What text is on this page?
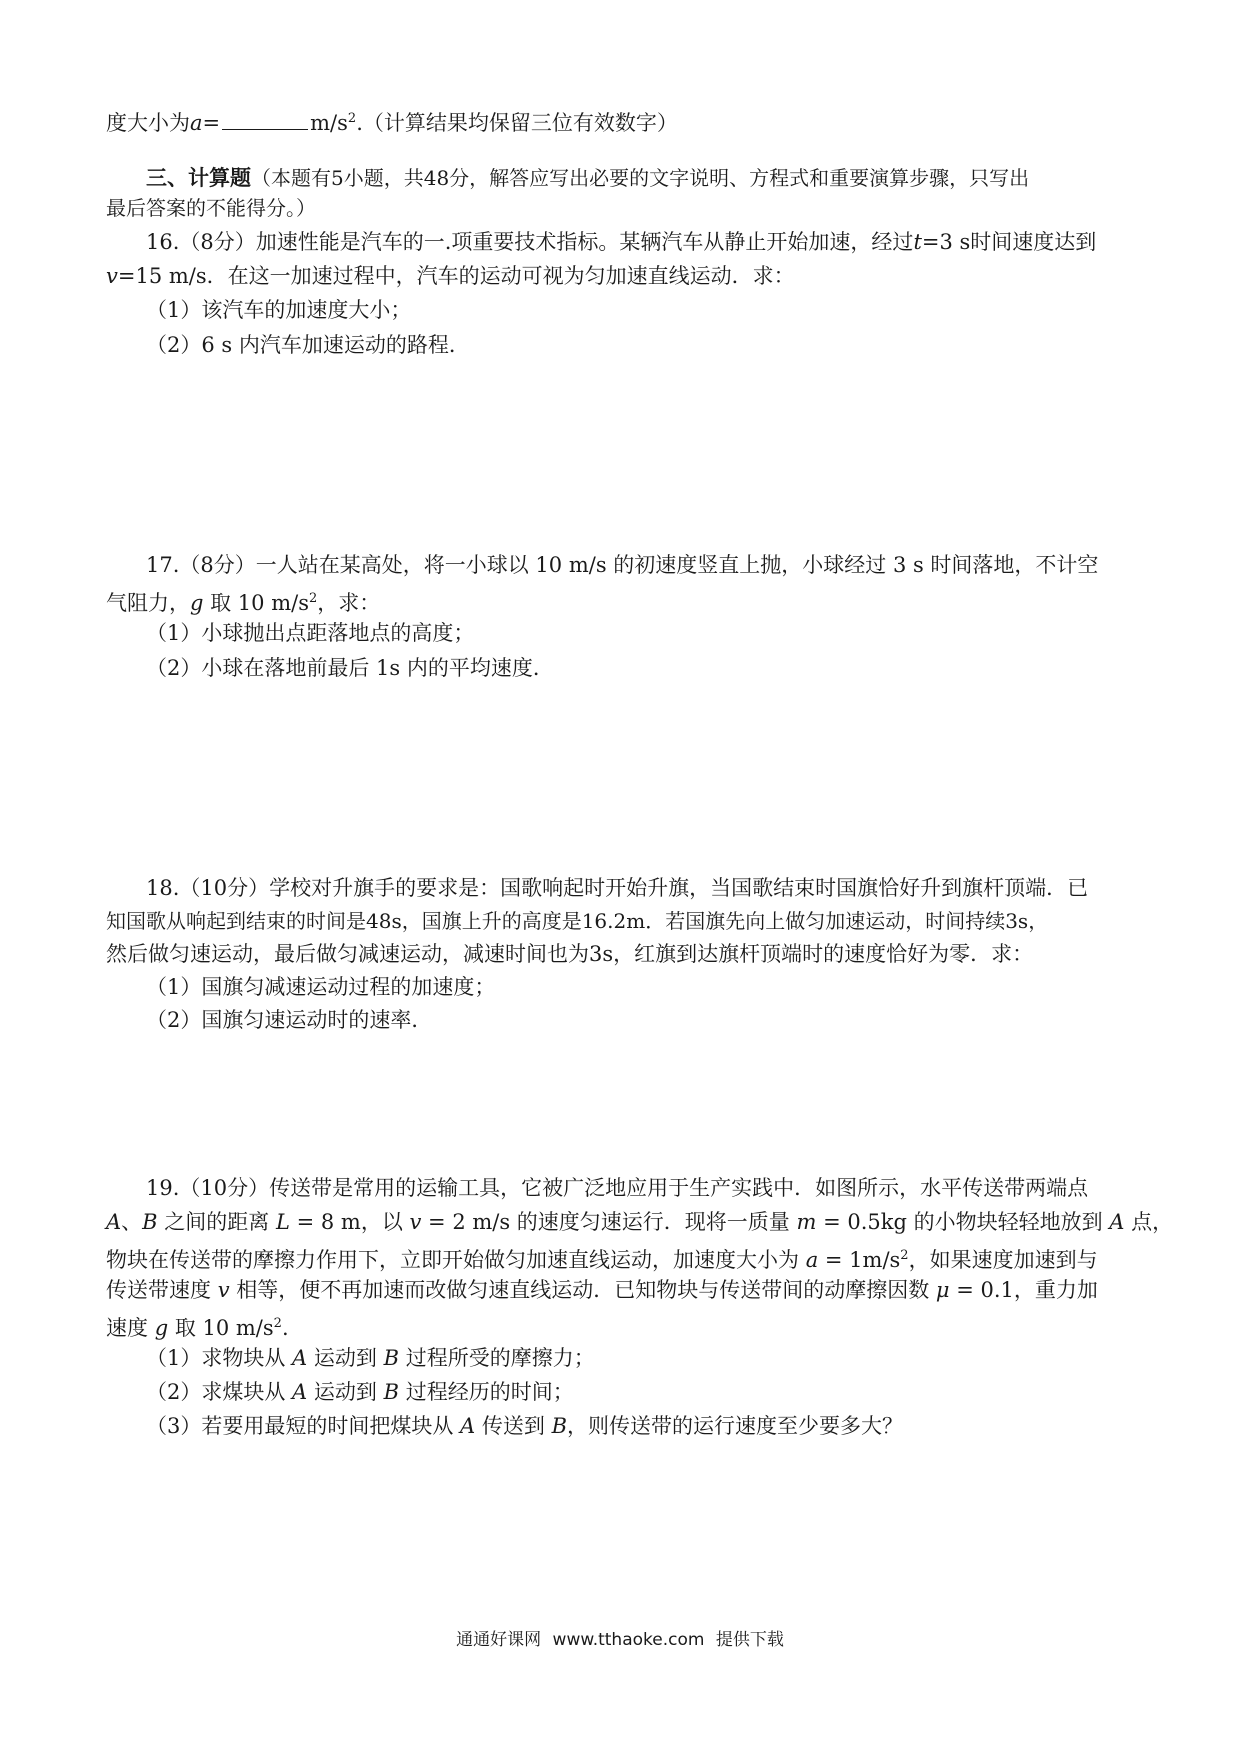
度大小为a=	$m/s^2$.（计算结果均保留三位有效数字）
三、计算题（本题有5小题，共48分，解答应写出必要的文字说明、方程式和重要演算步骤，只写出
最后答案的不能得分。）
16.（8分）加速性能是汽车的一.项重要技术指标。某辆汽车从静止开始加速，经过t=3 s时间速度达到
v=15 m/s．在这一加速过程中，汽车的运动可视为匀加速直线运动．求：
（1）该汽车的加速度大小；
（2）6 s 内汽车加速运动的路程．
17.（8分）一人站在某高处，将一小球以 10 m/s 的初速度竖直上抛，小球经过 3 s 时间落地，不计空
气阻力，g 取 10 $m/s^2$，求：
（1）小球抛出点距落地点的高度；
（2）小球在落地前最后 1s 内的平均速度．
18.（10分）学校对升旗手的要求是：国歌响起时开始升旗，当国歌结束时国旗恰好升到旗杆顶端．已
知国歌从响起到结束的时间是48s，国旗上升的高度是16.2m．若国旗先向上做匀加速运动，时间持续3s，
然后做匀速运动，最后做匀减速运动，减速时间也为3s，红旗到达旗杆顶端时的速度恰好为零．求：
（1）国旗匀减速运动过程的加速度；
（2）国旗匀速运动时的速率．
19.（10分）传送带是常用的运输工具，它被广泛地应用于生产实践中．如图所示，水平传送带两端点
A、B 之间的距离 L = 8 m，以 v = 2 m/s 的速度匀速运行．现将一质量 m = 0.5kg 的小物块轻轻地放到 A 点，
物块在传送带的摩擦力作用下，立即开始做匀加速直线运动，加速度大小为 $a = 1m/s^2$，如果速度加速到与
传送带速度 v 相等，便不再加速而改做匀速直线运动．已知物块与传送带间的动摩擦因数 μ = 0.1，重力加
速度 g 取 10 $m/s^2$.
（1）求物块从 A 运动到 B 过程所受的摩擦力；
（2）求煤块从 A 运动到 B 过程经历的时间；
（3）若要用最短的时间把煤块从 A 传送到 B，则传送带的运行速度至少要多大？
通通好课网 www.tthaoke.com 提供下载
